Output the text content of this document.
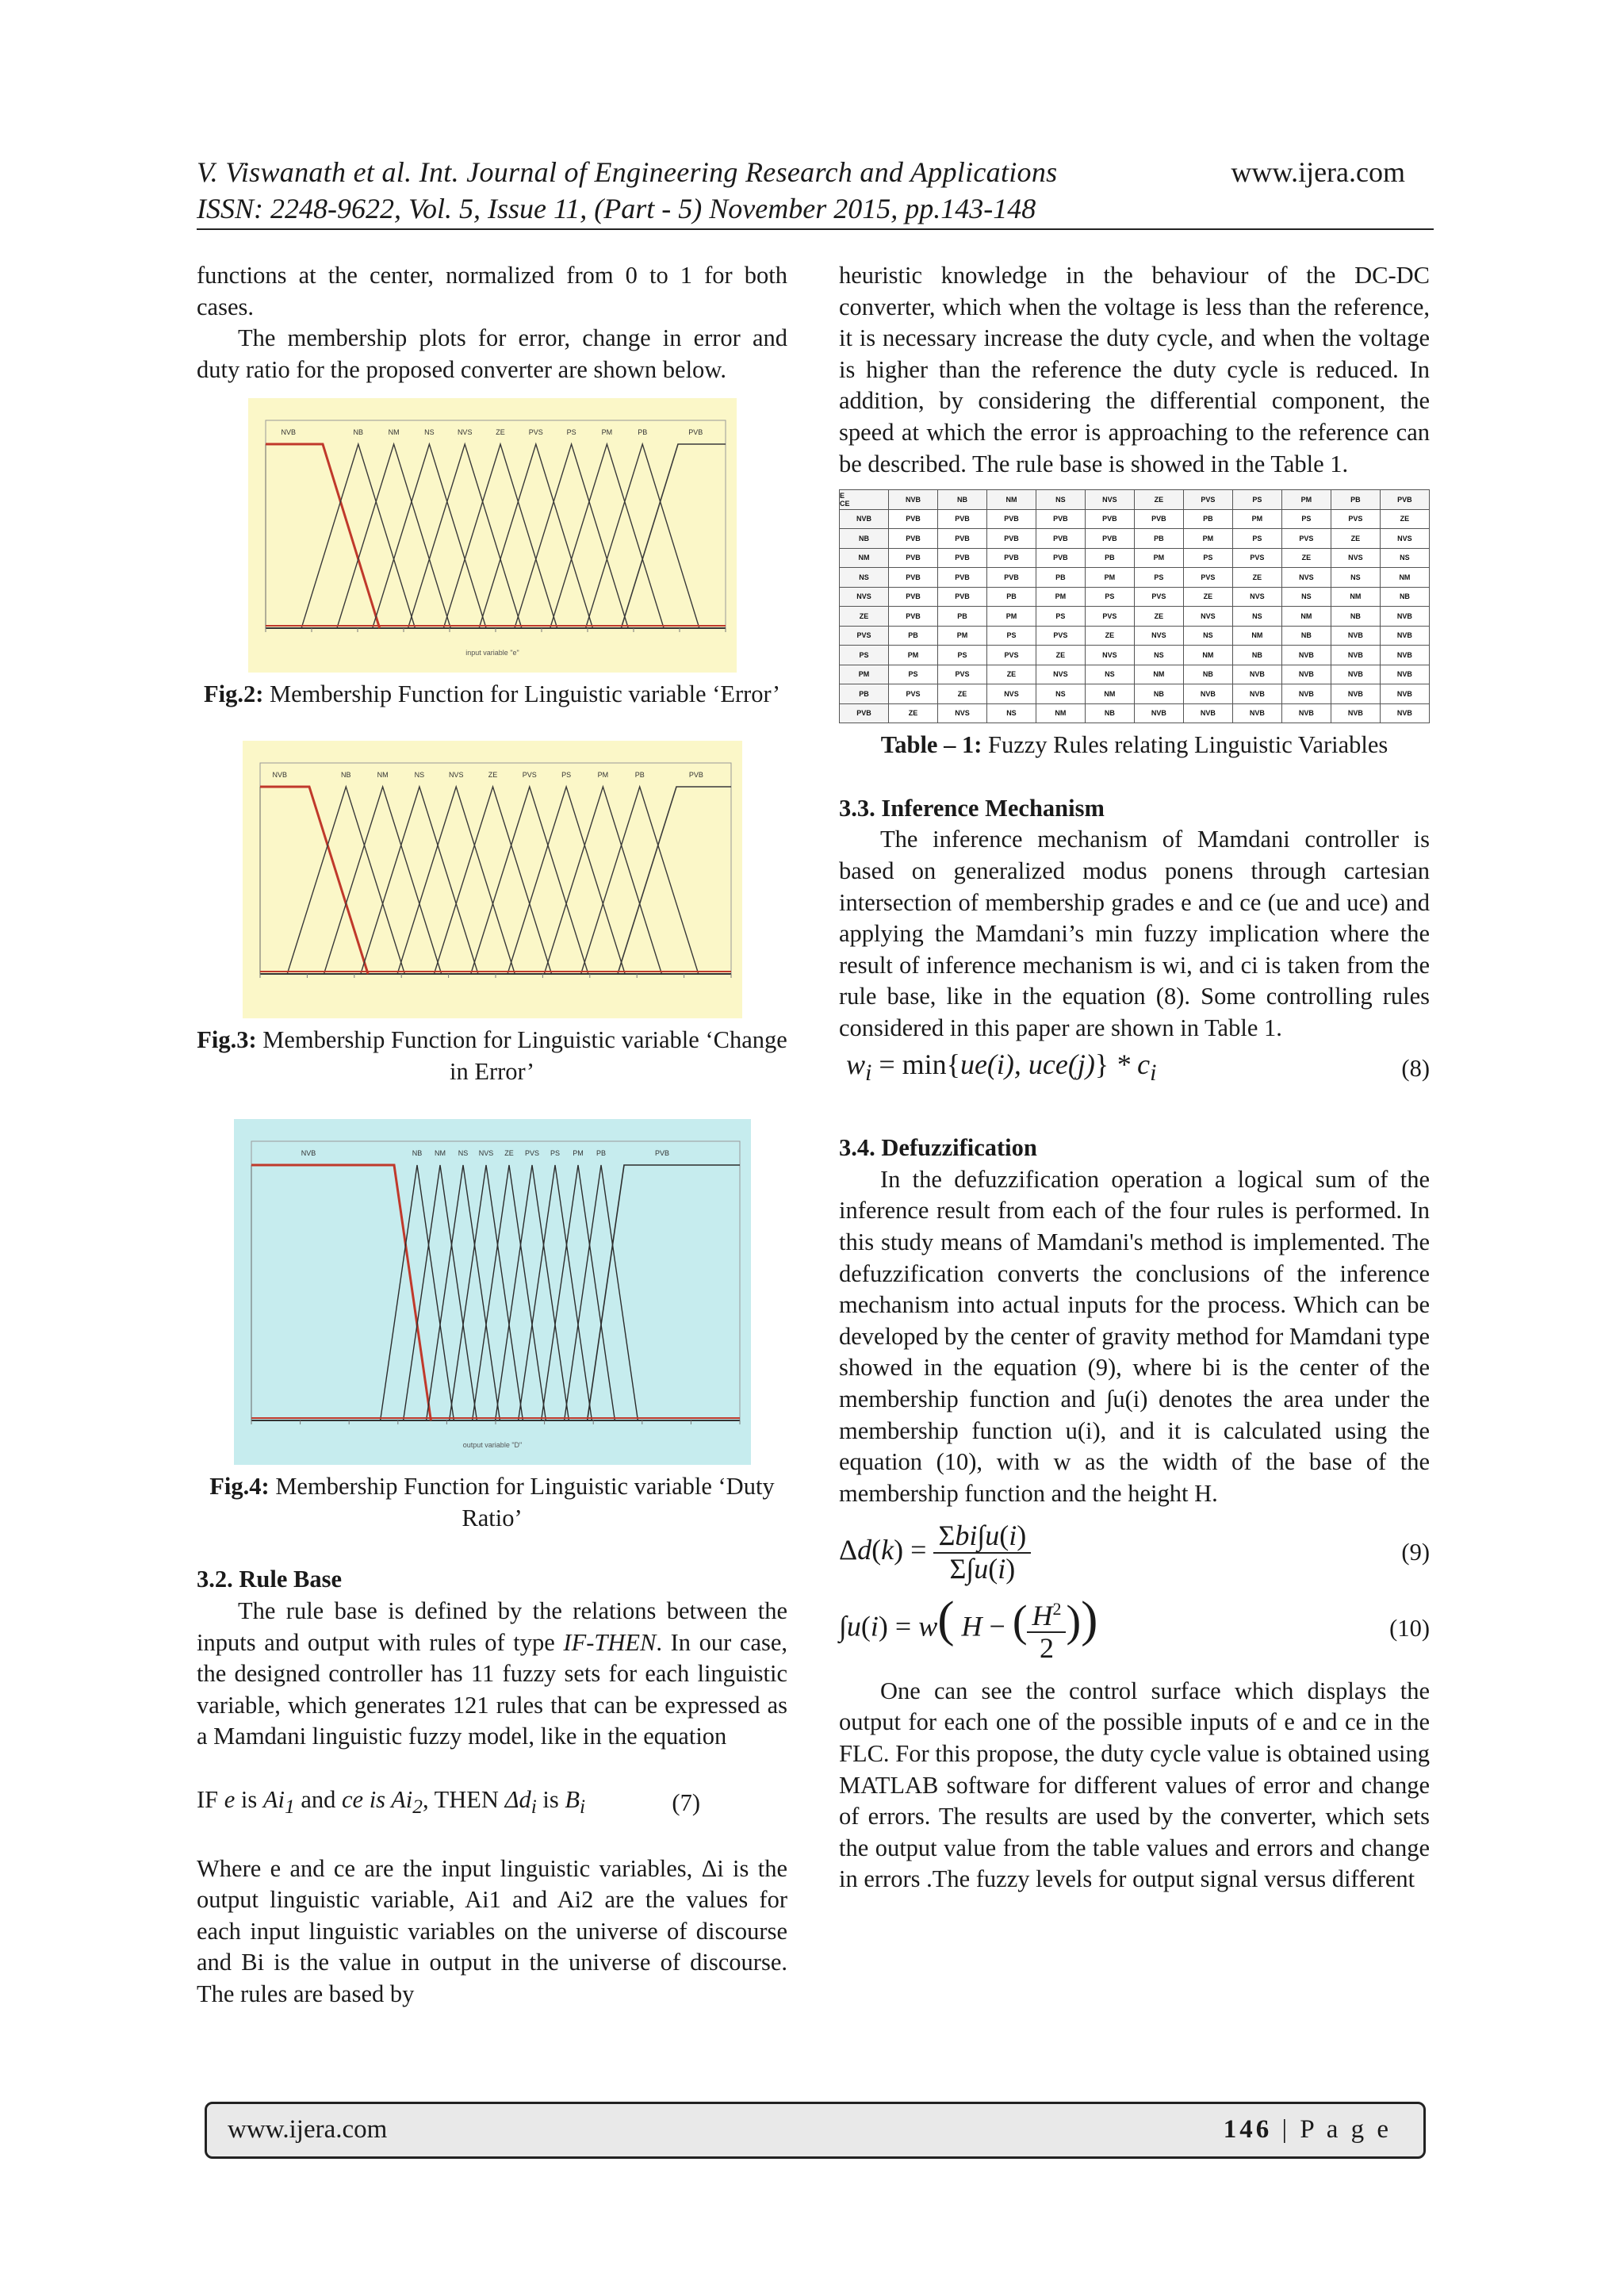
V. Viswanath et al. Int. Journal of Engineering Research and Applications
ISSN: 2248-9622, Vol. 5, Issue 11, (Part - 5) November 2015, pp.143-148
www.ijera.com

functions at the center, normalized from 0 to 1 for both cases.

The membership plots for error, change in error and duty ratio for the proposed converter are shown below.

NVB	NB	NM	NS	NVS	ZE	PVS	PS	PM	PB	PVB
input variable "e"

Fig.2: Membership Function for Linguistic variable ‘Error’

NVB	NB	NM	NS	NVS	ZE	PVS	PS	PM	PB	PVB

Fig.3: Membership Function for Linguistic variable ‘Change in Error’

NVB	NB NM NS NVS ZE PVS PS PM PB	PVB
output variable "D"

Fig.4: Membership Function for Linguistic variable ‘Duty Ratio’

3.2. Rule Base

The rule base is defined by the relations between the inputs and output with rules of type IF-THEN. In our case, the designed controller has 11 fuzzy sets for each linguistic variable, which generates 121 rules that can be expressed as a Mamdani linguistic fuzzy model, like in the equation

IF e is $Ai_1$ and ce is $Ai_2$, THEN $\Delta d_i$ is $B_i$	(7)

Where e and ce are the input linguistic variables, Δi is the output linguistic variable, Ai1 and Ai2 are the values for each input linguistic variables on the universe of discourse and Bi is the value in output in the universe of discourse. The rules are based by

heuristic knowledge in the behaviour of the DC-DC converter, which when the voltage is less than the reference, it is necessary increase the duty cycle, and when the voltage is higher than the reference the duty cycle is reduced. In addition, by considering the differential component, the speed at which the error is approaching to the reference can be described. The rule base is showed in the Table 1.

E
CE	NVB	NB	NM	NS	NVS	ZE	PVS	PS	PM	PB	PVB
NVB	PVB	PVB	PVB	PVB	PVB	PVB	PB	PM	PS	PVS	ZE
NB	PVB	PVB	PVB	PVB	PVB	PB	PM	PS	PVS	ZE	NVS
NM	PVB	PVB	PVB	PVB	PB	PM	PS	PVS	ZE	NVS	NS
NS	PVB	PVB	PVB	PB	PM	PS	PVS	ZE	NVS	NS	NM
NVS	PVB	PVB	PB	PM	PS	PVS	ZE	NVS	NS	NM	NB
ZE	PVB	PB	PM	PS	PVS	ZE	NVS	NS	NM	NB	NVB
PVS	PB	PM	PS	PVS	ZE	NVS	NS	NM	NB	NVB	NVB
PS	PM	PS	PVS	ZE	NVS	NS	NM	NB	NVB	NVB	NVB
PM	PS	PVS	ZE	NVS	NS	NM	NB	NVB	NVB	NVB	NVB
PB	PVS	ZE	NVS	NS	NM	NB	NVB	NVB	NVB	NVB	NVB
PVB	ZE	NVS	NS	NM	NB	NVB	NVB	NVB	NVB	NVB	NVB

Table – 1: Fuzzy Rules relating Linguistic Variables

3.3. Inference Mechanism

The inference mechanism of Mamdani controller is based on generalized modus ponens through cartesian intersection of membership grades e and ce (ue and uce) and applying the Mamdani’s min fuzzy implication where the result of inference mechanism is wi, and ci is taken from the rule base, like in the equation (8). Some controlling rules considered in this paper are shown in Table 1.

$w_i = \min\{ue(i)$, $uce(j)\} * c_i$	(8)

3.4. Defuzzification

In the defuzzification operation a logical sum of the inference result from each of the four rules is performed. In this study means of Mamdani's method is implemented. The defuzzification converts the conclusions of the inference mechanism into actual inputs for the process. Which can be developed by the center of gravity method for Mamdani type showed in the equation (9), where bi is the center of the membership function and ∫u(i) denotes the area under the membership function u(i), and it is calculated using the equation (10), with w as the width of the base of the membership function and the height H.

$\Delta d(k) = \frac{\text{Σbi∫u(i)}}{\Sigma\int u(i)}$	(9)
∫u(i) = w( H − ( $\frac{H^2}{2}$ ))	(10)

One can see the control surface which displays the output for each one of the possible inputs of e and ce in the FLC. For this propose, the duty cycle value is obtained using MATLAB software for different values of error and change of errors. The results are used by the converter, which sets the output value from the table values and errors and change in errors .The fuzzy levels for output signal versus different

www.ijera.com	146 | P a g e
